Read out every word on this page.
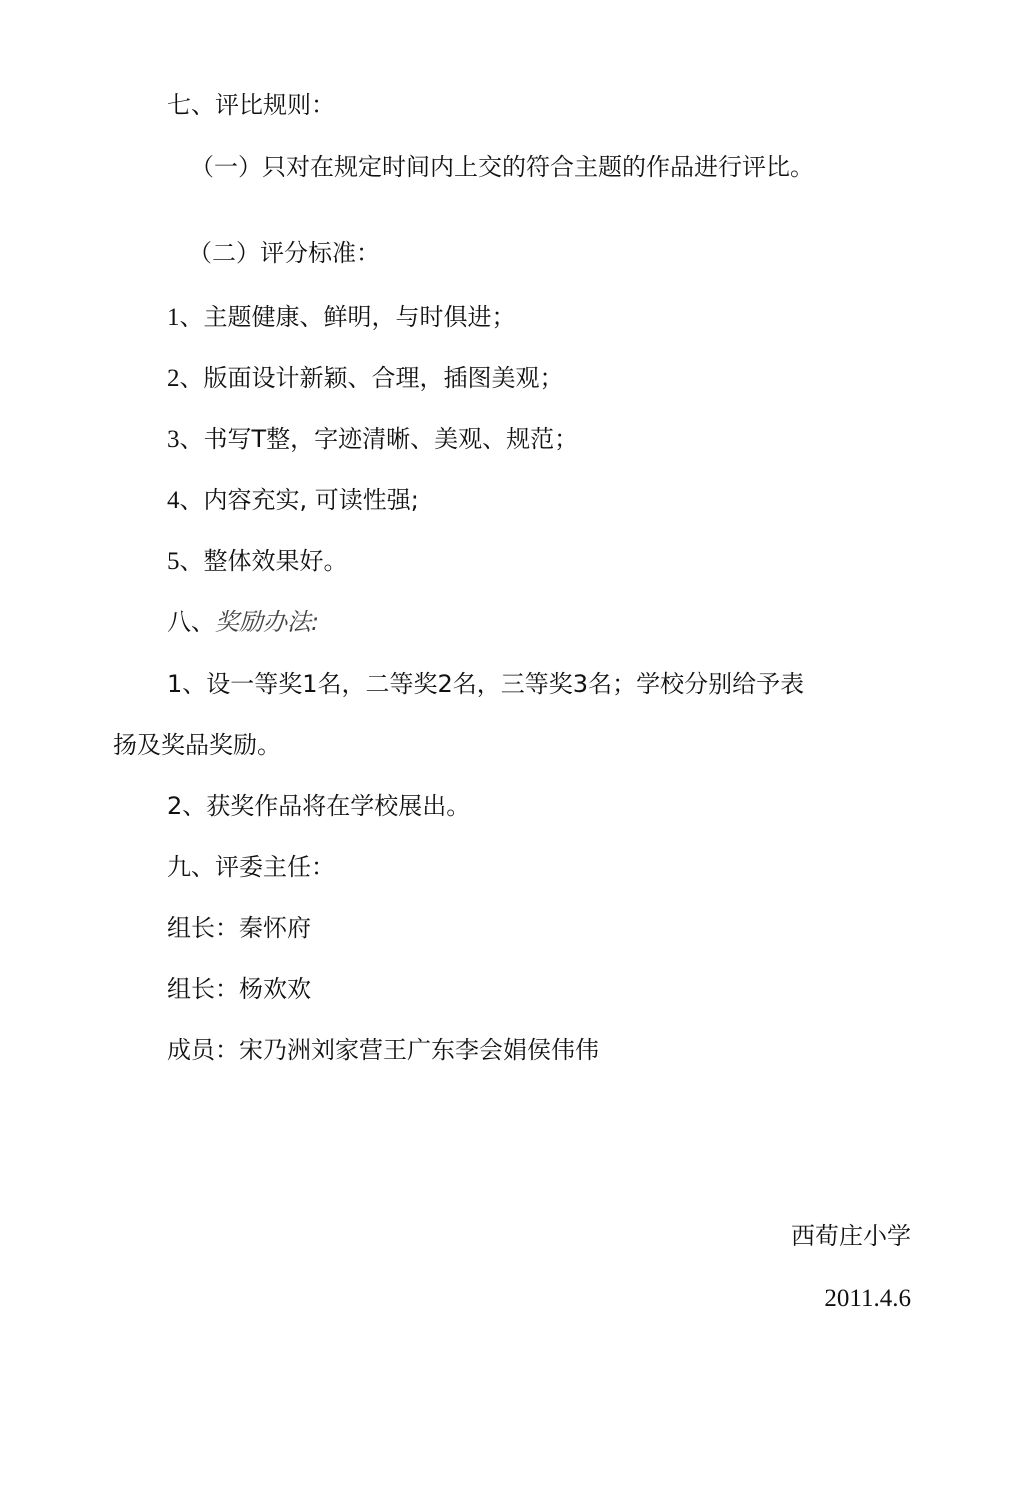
七、评比规则：
（一）只对在规定时间内上交的符合主题的作品进行评比。
（二）评分标准：
1、主题健康、鲜明，与时俱进；
2、版面设计新颖、合理，插图美观；
3、书写T整，字迹清晰、美观、规范；
4、内容充实, 可读性强;
5、整体效果好。
八、奖励办法:
1、设一等奖1名，二等奖2名，三等奖3名；学校分别给予表
扬及奖品奖励。
2、获奖作品将在学校展出。
九、评委主任：
组长：秦怀府
组长：杨欢欢
成员：宋乃洲刘家营王广东李会娟侯伟伟
西荀庄小学
2011.4.6
